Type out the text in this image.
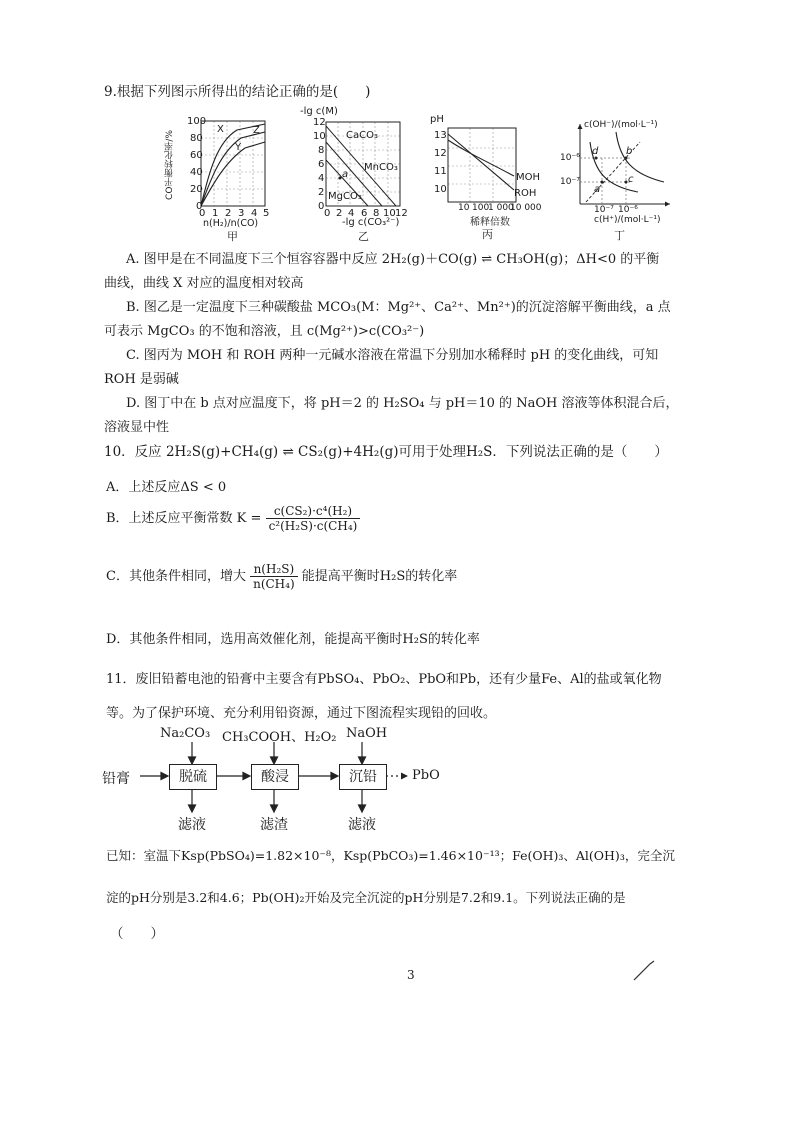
9.根据下列图示所得出的结论正确的是(　　)
CO平衡转化率/%
100
80
60
40
20
0
0 1 2 3 4 5
n(H₂)/n(CO)
X
Y
Z
甲
-lg c(M)
12
10
8
6
4
2
0
0 2 4 6 8 10 12
-lg c(CO₃²⁻)
CaCO₃
MnCO₃
MgCO₃
a
乙
pH
13
12
11
10
10 100
1 000
10 000
稀释倍数
MOH
ROH
丙
c(OH⁻)/(mol·L⁻¹)
10⁻⁶
10⁻⁷
10⁻⁷ 10⁻⁶
c(H⁺)/(mol·L⁻¹)
a
b
c
d
丁
A. 图甲是在不同温度下三个恒容容器中反应 2H₂(g)＋CO(g) ⇌ CH₃OH(g)；ΔH<0 的平衡
曲线，曲线 X 对应的温度相对较高
B. 图乙是一定温度下三种碳酸盐 MCO₃(M：Mg²⁺、Ca²⁺、Mn²⁺)的沉淀溶解平衡曲线，a 点
可表示 MgCO₃ 的不饱和溶液，且 c(Mg²⁺)>c(CO₃²⁻)
C. 图丙为 MOH 和 ROH 两种一元碱水溶液在常温下分别加水稀释时 pH 的变化曲线，可知
ROH 是弱碱
D. 图丁中在 b 点对应温度下，将 pH＝2 的 H₂SO₄ 与 pH＝10 的 NaOH 溶液等体积混合后，
溶液显中性
10．反应 2H₂S(g)+CH₄(g) ⇌ CS₂(g)+4H₂(g)可用于处理H₂S．下列说法正确的是（　　）
A．上述反应ΔS < 0
B．上述反应平衡常数 $K = \frac{\text{c(CS₂)·c⁴(H₂)}}{\text{c²(H₂S)·c(CH₄)}}$
C．其他条件相同，增大 $\frac{\text{n(H₂S)}}{\text{n(CH₄)}}$ 能提高平衡时H₂S的转化率
D．其他条件相同，选用高效催化剂，能提高平衡时H₂S的转化率
11．废旧铅蓄电池的铅膏中主要含有PbSO₄、PbO₂、PbO和Pb，还有少量Fe、Al的盐或氧化物
等。为了保护环境、充分利用铅资源，通过下图流程实现铅的回收。
Na₂CO₃ CH₃COOH、H₂O₂ NaOH
铅膏	脱硫	酸浸	沉铅	PbO
滤液	滤渣	滤液
已知：室温下Ksp(PbSO₄)=1.82×10⁻⁸，Ksp(PbCO₃)=1.46×10⁻¹³；Fe(OH)₃、Al(OH)₃，完全沉
淀的pH分别是3.2和4.6；Pb(OH)₂开始及完全沉淀的pH分别是7.2和9.1。下列说法正确的是
（　　）
3
